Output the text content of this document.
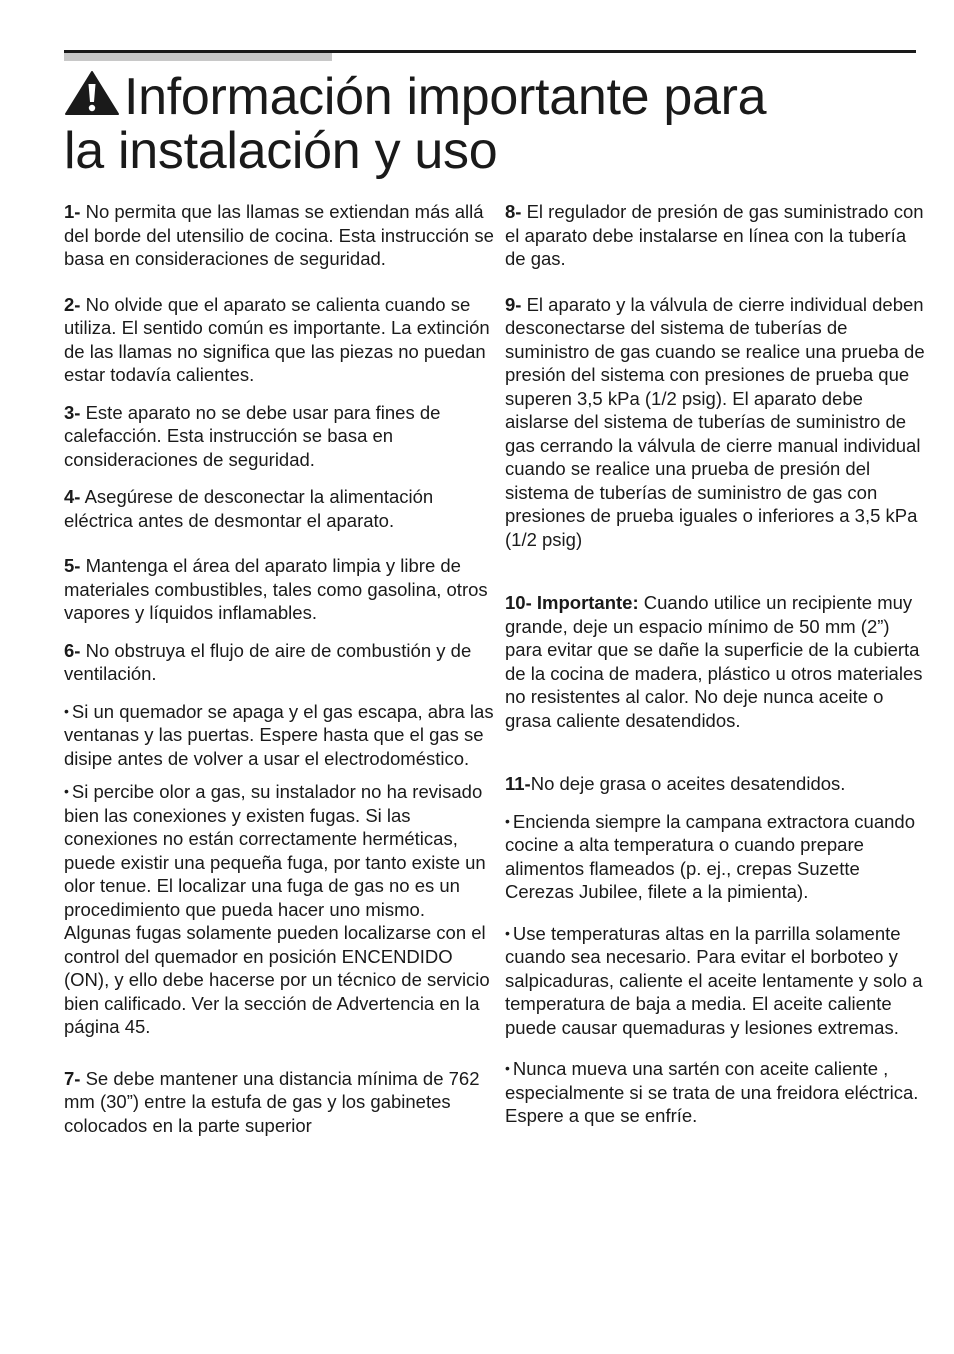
Información importante para
la instalación y uso

1- No permita que las llamas se extiendan más allá del borde del utensilio de cocina. Esta instrucción se basa en consideraciones de seguridad.

2- No olvide que el aparato se calienta cuando se utiliza. El sentido común es importante. La extinción de las llamas no significa que las piezas no puedan estar todavía calientes.

3- Este aparato no se debe usar para fines de calefacción. Esta instrucción se basa en consideraciones de seguridad.

4- Asegúrese de desconectar la alimentación eléctrica antes de desmontar el aparato.

5- Mantenga el área del aparato limpia y libre de materiales combustibles, tales como gasolina, otros vapores y líquidos inflamables.

6- No obstruya el flujo de aire de combustión y de ventilación.

• Si un quemador se apaga y el gas escapa, abra las ventanas y las puertas. Espere hasta que el gas se disipe antes de volver a usar el electrodoméstico.

• Si percibe olor a gas, su instalador no ha revisado bien las conexiones y existen fugas. Si las conexiones no están correctamente herméticas, puede existir una pequeña fuga, por tanto existe un olor tenue. El localizar una fuga de gas no es un procedimiento que pueda hacer uno mismo. Algunas fugas solamente pueden localizarse con el control del quemador en posición ENCENDIDO (ON), y ello debe hacerse por un técnico de servicio bien calificado. Ver la sección de Advertencia en la página 45.

7- Se debe mantener una distancia mínima de 762 mm (30”) entre la estufa de gas y los gabinetes colocados en la parte superior

8- El regulador de presión de gas suministrado con el aparato debe instalarse en línea con la tubería de gas.

9- El aparato y la válvula de cierre individual deben desconectarse del sistema de tuberías de suministro de gas cuando se realice una prueba de presión del sistema con presiones de prueba que superen 3,5 kPa (1/2 psig). El aparato debe aislarse del sistema de tuberías de suministro de gas cerrando la válvula de cierre manual individual cuando se realice una prueba de presión del sistema de tuberías de suministro de gas con presiones de prueba iguales o inferiores a 3,5 kPa (1/2 psig)

10- Importante: Cuando utilice un recipiente muy grande, deje un espacio mínimo de 50 mm (2”) para evitar que se dañe la superficie de la cubierta de la cocina de madera, plástico u otros materiales no resistentes al calor. No deje nunca aceite o grasa caliente desatendidos.

11-No deje grasa o aceites desatendidos.

• Encienda siempre la campana extractora cuando cocine a alta temperatura o cuando prepare alimentos flameados (p. ej., crepas Suzette Cerezas Jubilee, filete a la pimienta).

• Use temperaturas altas en la parrilla solamente cuando sea necesario. Para evitar el borboteo y salpicaduras, caliente el aceite lentamente y solo a temperatura de baja a media. El aceite caliente puede causar quemaduras y lesiones extremas.

• Nunca mueva una sartén con aceite caliente , especialmente si se trata de una freidora eléctrica. Espere a que se enfríe.
